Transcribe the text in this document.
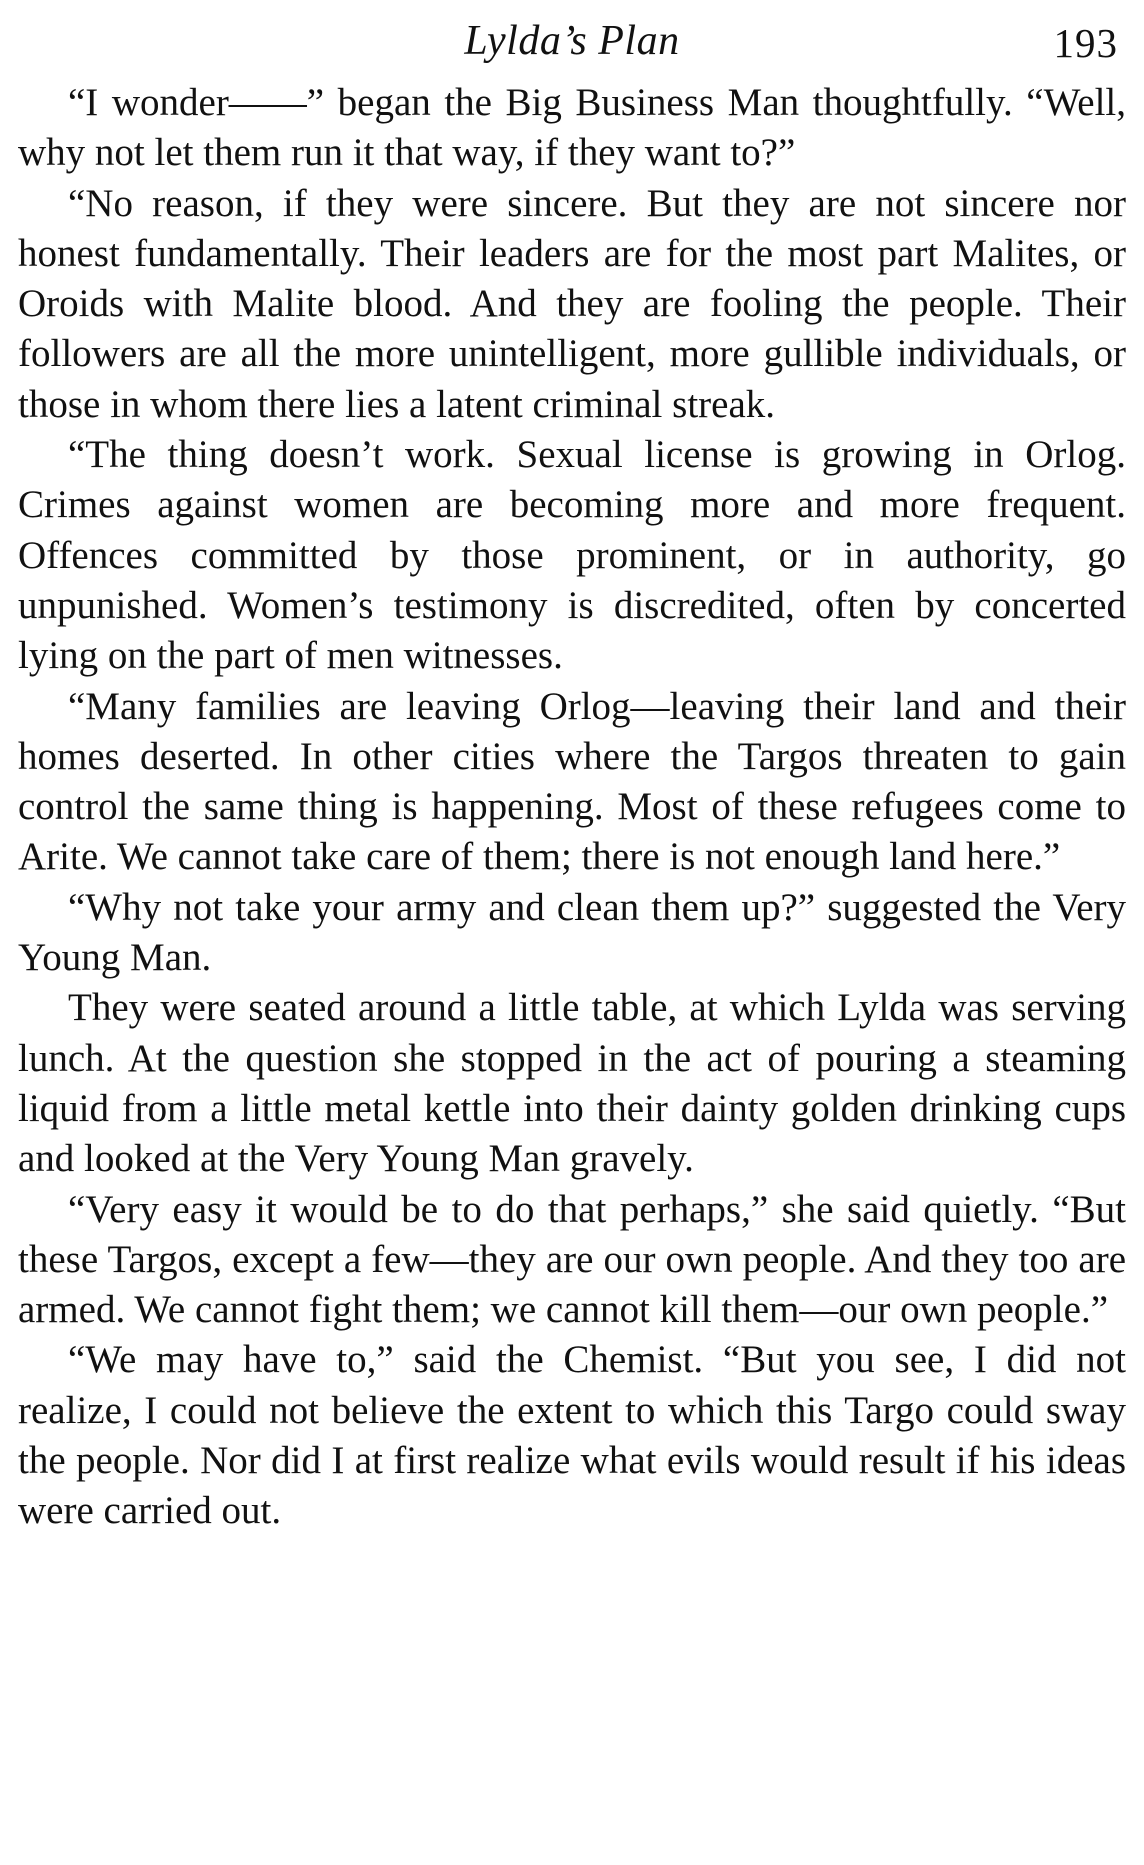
Lylda’s Plan	193

“I wonder——” began the Big Business Man thoughtfully. “Well, why not let them run it that way, if they want to?”

“No reason, if they were sincere. But they are not sincere nor honest fundamentally. Their leaders are for the most part Malites, or Oroids with Malite blood. And they are fooling the people. Their followers are all the more unintelligent, more gullible individuals, or those in whom there lies a latent criminal streak.

“The thing doesn’t work. Sexual license is growing in Orlog. Crimes against women are becoming more and more frequent. Offences committed by those prominent, or in authority, go unpunished. Women’s testimony is discredited, often by concerted lying on the part of men witnesses.

“Many families are leaving Orlog—leaving their land and their homes deserted. In other cities where the Targos threaten to gain control the same thing is happening. Most of these refugees come to Arite. We cannot take care of them; there is not enough land here.”

“Why not take your army and clean them up?” suggested the Very Young Man.

They were seated around a little table, at which Lylda was serving lunch. At the question she stopped in the act of pouring a steaming liquid from a little metal kettle into their dainty golden drinking cups and looked at the Very Young Man gravely.

“Very easy it would be to do that perhaps,” she said quietly. “But these Targos, except a few—they are our own people. And they too are armed. We cannot fight them; we cannot kill them—our own people.”

“We may have to,” said the Chemist. “But you see, I did not realize, I could not believe the extent to which this Targo could sway the people. Nor did I at first realize what evils would result if his ideas were carried out.
